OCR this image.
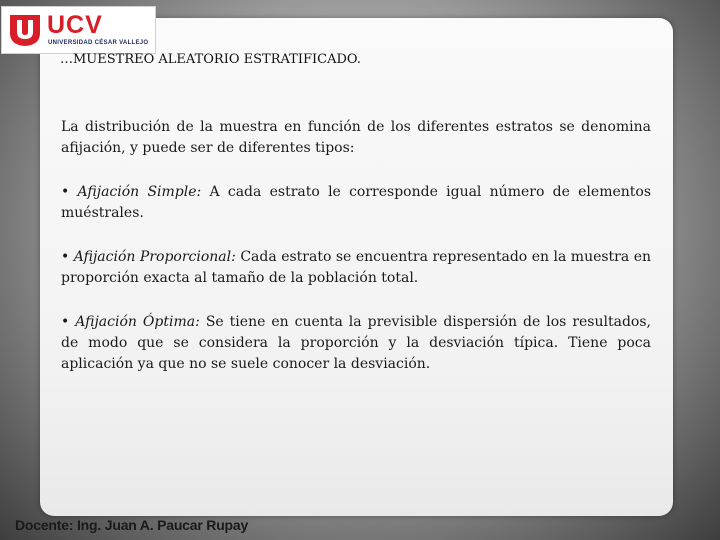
UCV
UNIVERSIDAD CÉSAR VALLEJO
…MUESTREO ALEATORIO ESTRATIFICADO.

La distribución de la muestra en función de los diferentes estratos se denomina afijación, y puede ser de diferentes tipos:

• Afijación Simple: A cada estrato le corresponde igual número de elementos muéstrales.

• Afijación Proporcional: Cada estrato se encuentra representado en la muestra en proporción exacta al tamaño de la población total.

• Afijación Óptima: Se tiene en cuenta la previsible dispersión de los resultados, de modo que se considera la proporción y la desviación típica. Tiene poca aplicación ya que no se suele conocer la desviación.

Docente: Ing. Juan A. Paucar Rupay
